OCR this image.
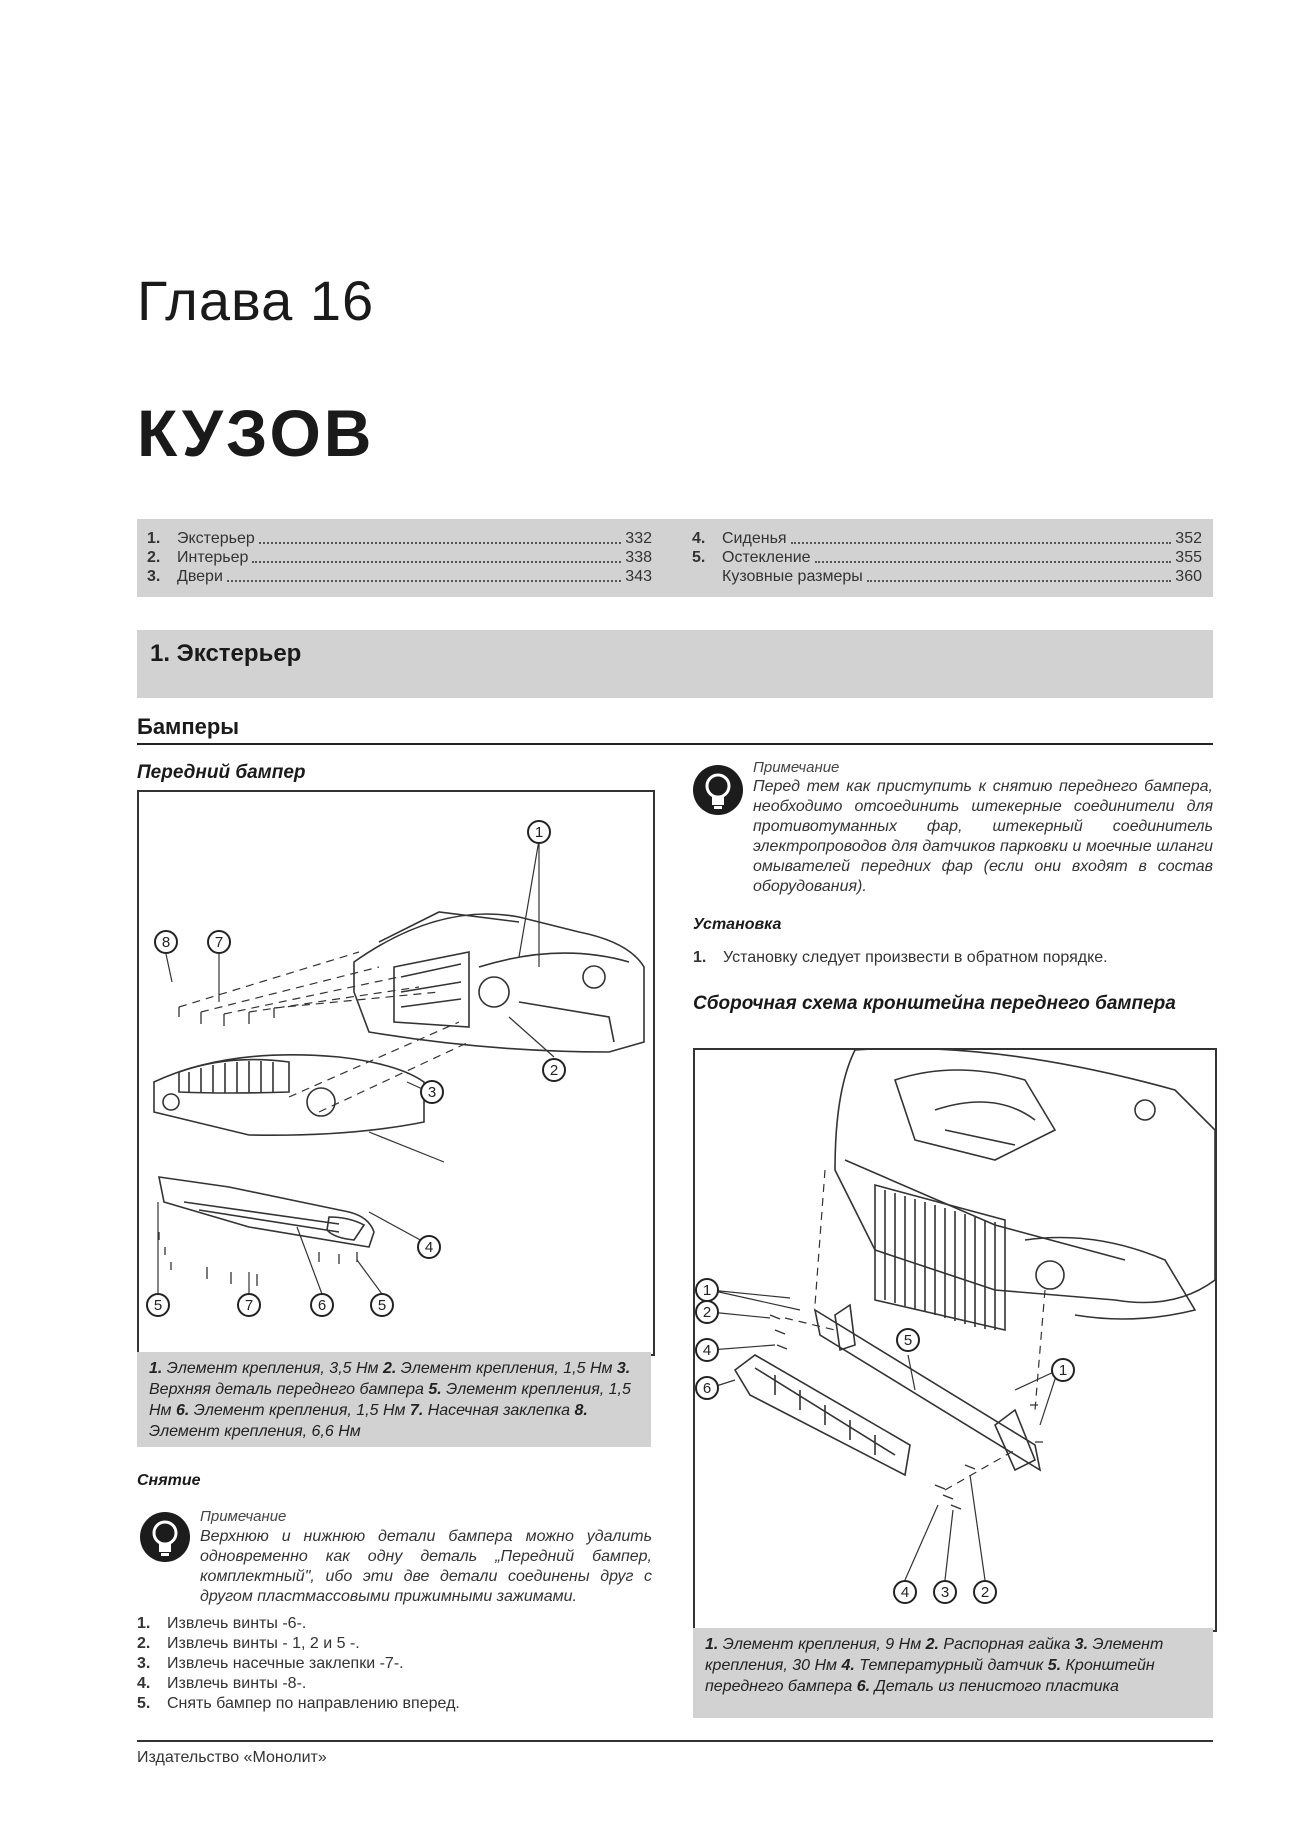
Глава 16
КУЗОВ
1.	Экстерьер	332
2.	Интерьер	338
3.	Двери	343
4.	Сиденья	352
5.	Остекление	355
Кузовные размеры	360
1. Экстерьер
Бамперы
Передний бампер
1
2
3
4
5	5
6
7
7
8
1. Элемент крепления, 3,5 Нм 2. Элемент крепления, 1,5 Нм 3. Верхняя деталь переднего бампера 5. Элемент крепления, 1,5 Нм 6. Элемент крепления, 1,5 Нм 7. Насечная заклепка 8. Элемент крепления, 6,6 Нм
Снятие
Примечание
Верхнюю и нижнюю детали бампера можно удалить одновременно как одну деталь „Передний бампер, комплектный", ибо эти две детали соединены друг с другом пластмассовыми прижимными зажимами.
1.	Извлечь винты -6-.
2.	Извлечь винты - 1, 2 и 5 -.
3.	Извлечь насечные заклепки -7-.
4.	Извлечь винты -8-.
5.	Снять бампер по направлению вперед.
Примечание
Перед тем как приступить к снятию переднего бампера, необходимо отсоединить штекерные соединители для противотуманных фар, штекерный соединитель электропроводов для датчиков парковки и моечные шланги омывателей передних фар (если они входят в состав оборудования).
Установка
1.	Установку следует произвести в обратном порядке.
Сборочная схема кронштейна переднего бампера
1
2
4
6
5
1
4 3 2
1. Элемент крепления, 9 Нм 2. Распорная гайка 3. Элемент крепления, 30 Нм 4. Температурный датчик 5. Кронштейн переднего бампера 6. Деталь из пенистого пластика
Издательство «Монолит»
